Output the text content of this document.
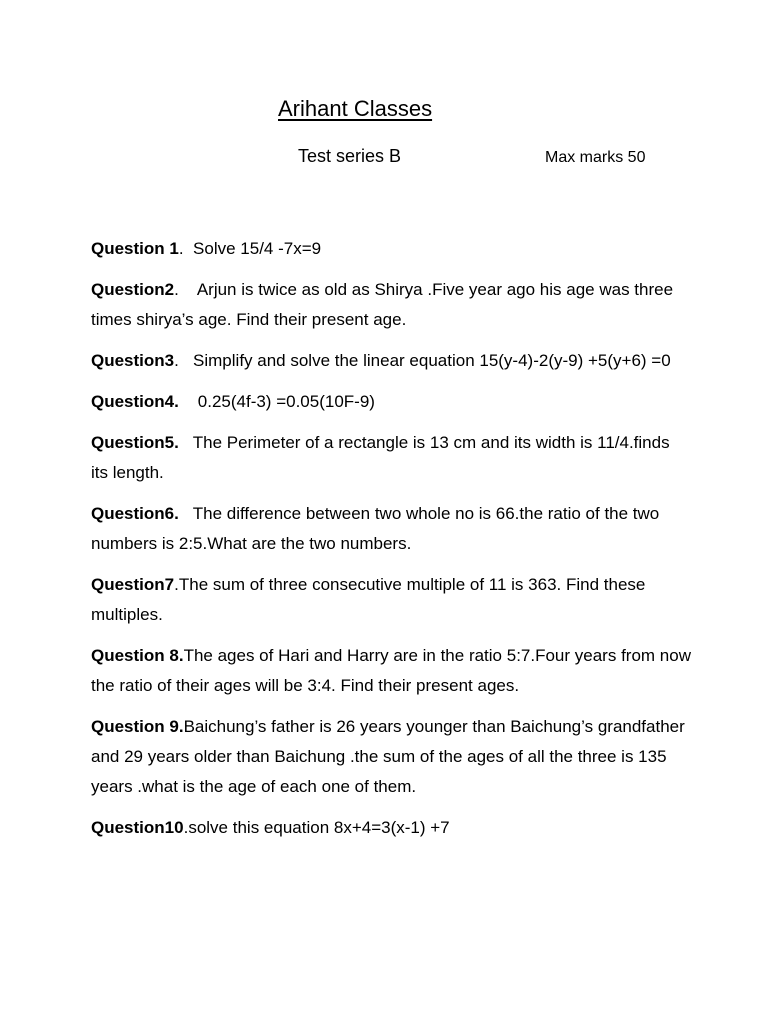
Arihant Classes
Test series B	Max marks 50

Question 1.  Solve 15/4 -7x=9

Question2.    Arjun is twice as old as Shirya .Five year ago his age was three times shirya’s age. Find their present age.

Question3.   Simplify and solve the linear equation 15(y-4)-2(y-9) +5(y+6) =0

Question4. 0.25(4f-3) =0.05(10F-9)

Question5. The Perimeter of a rectangle is 13 cm and its width is 11/4.finds its length.

Question6. The difference between two whole no is 66.the ratio of the two numbers is 2:5.What are the two numbers.

Question7.The sum of three consecutive multiple of 11 is 363. Find these multiples.

Question 8.The ages of Hari and Harry are in the ratio 5:7.Four years from now the ratio of their ages will be 3:4. Find their present ages.

Question 9.Baichung’s father is 26 years younger than Baichung’s grandfather and 29 years older than Baichung .the sum of the ages of all the three is 135 years .what is the age of each one of them.

Question10.solve this equation 8x+4=3(x-1) +7
